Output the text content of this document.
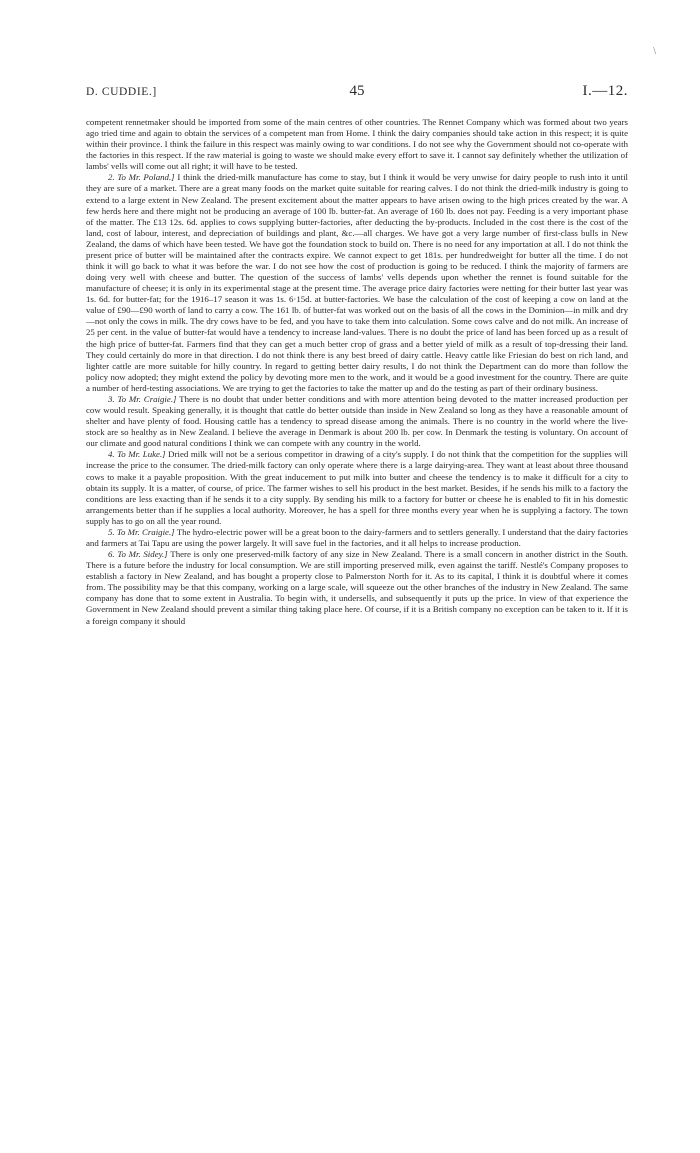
\
D. CUDDIE.]	45	I.—12.

competent rennetmaker should be imported from some of the main centres of other countries. The Rennet Company which was formed about two years ago tried time and again to obtain the services of a competent man from Home. I think the dairy companies should take action in this respect; it is quite within their province. I think the failure in this respect was mainly owing to war conditions. I do not see why the Government should not co-operate with the factories in this respect. If the raw material is going to waste we should make every effort to save it. I cannot say definitely whether the utilization of lambs' vells will come out all right; it will have to be tested.

2. To Mr. Poland.] I think the dried-milk manufacture has come to stay, but I think it would be very unwise for dairy people to rush into it until they are sure of a market. There are a great many foods on the market quite suitable for rearing calves. I do not think the dried-milk industry is going to extend to a large extent in New Zealand. The present excitement about the matter appears to have arisen owing to the high prices created by the war. A few herds here and there might not be producing an average of 100 lb. butter-fat. An average of 160 lb. does not pay. Feeding is a very important phase of the matter. The £13 12s. 6d. applies to cows supplying butter-factories, after deducting the by-products. Included in the cost there is the cost of the land, cost of labour, interest, and depreciation of buildings and plant, &c.—all charges. We have got a very large number of first-class bulls in New Zealand, the dams of which have been tested. We have got the foundation stock to build on. There is no need for any importation at all. I do not think the present price of butter will be maintained after the contracts expire. We cannot expect to get 181s. per hundredweight for butter all the time. I do not think it will go back to what it was before the war. I do not see how the cost of production is going to be reduced. I think the majority of farmers are doing very well with cheese and butter. The question of the success of lambs' vells depends upon whether the rennet is found suitable for the manufacture of cheese; it is only in its experimental stage at the present time. The average price dairy factories were netting for their butter last year was 1s. 6d. for butter-fat; for the 1916–17 season it was 1s. 6·15d. at butter-factories. We base the calculation of the cost of keeping a cow on land at the value of £90—£90 worth of land to carry a cow. The 161 lb. of butter-fat was worked out on the basis of all the cows in the Dominion—in milk and dry—not only the cows in milk. The dry cows have to be fed, and you have to take them into calculation. Some cows calve and do not milk. An increase of 25 per cent. in the value of butter-fat would have a tendency to increase land-values. There is no doubt the price of land has been forced up as a result of the high price of butter-fat. Farmers find that they can get a much better crop of grass and a better yield of milk as a result of top-dressing their land. They could certainly do more in that direction. I do not think there is any best breed of dairy cattle. Heavy cattle like Friesian do best on rich land, and lighter cattle are more suitable for hilly country. In regard to getting better dairy results, I do not think the Department can do more than follow the policy now adopted; they might extend the policy by devoting more men to the work, and it would be a good investment for the country. There are quite a number of herd-testing associations. We are trying to get the factories to take the matter up and do the testing as part of their ordinary business.

3. To Mr. Craigie.] There is no doubt that under better conditions and with more attention being devoted to the matter increased production per cow would result. Speaking generally, it is thought that cattle do better outside than inside in New Zealand so long as they have a reasonable amount of shelter and have plenty of food. Housing cattle has a tendency to spread disease among the animals. There is no country in the world where the live-stock are so healthy as in New Zealand. I believe the average in Denmark is about 200 lb. per cow. In Denmark the testing is voluntary. On account of our climate and good natural conditions I think we can compete with any country in the world.

4. To Mr. Luke.] Dried milk will not be a serious competitor in drawing of a city's supply. I do not think that the competition for the supplies will increase the price to the consumer. The dried-milk factory can only operate where there is a large dairying-area. They want at least about three thousand cows to make it a payable proposition. With the great inducement to put milk into butter and cheese the tendency is to make it difficult for a city to obtain its supply. It is a matter, of course, of price. The farmer wishes to sell his product in the best market. Besides, if he sends his milk to a factory the conditions are less exacting than if he sends it to a city supply. By sending his milk to a factory for butter or cheese he is enabled to fit in his domestic arrangements better than if he supplies a local authority. Moreover, he has a spell for three months every year when he is supplying a factory. The town supply has to go on all the year round.

5. To Mr. Craigie.] The hydro-electric power will be a great boon to the dairy-farmers and to settlers generally. I understand that the dairy factories and farmers at Tai Tapu are using the power largely. It will save fuel in the factories, and it all helps to increase production.

6. To Mr. Sidey.] There is only one preserved-milk factory of any size in New Zealand. There is a small concern in another district in the South. There is a future before the industry for local consumption. We are still importing preserved milk, even against the tariff. Nestlé's Company proposes to establish a factory in New Zealand, and has bought a property close to Palmerston North for it. As to its capital, I think it is doubtful where it comes from. The possibility may be that this company, working on a large scale, will squeeze out the other branches of the industry in New Zealand. The same company has done that to some extent in Australia. To begin with, it undersells, and subsequently it puts up the price. In view of that experience the Government in New Zealand should prevent a similar thing taking place here. Of course, if it is a British company no exception can be taken to it. If it is a foreign company it should
